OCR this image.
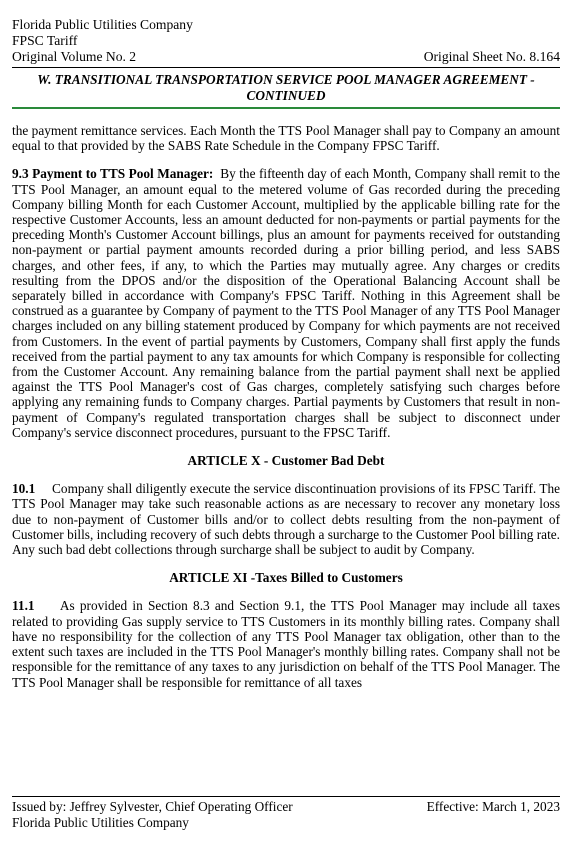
Florida Public Utilities Company
FPSC Tariff
Original Volume No. 2	Original Sheet No. 8.164
W. TRANSITIONAL TRANSPORTATION SERVICE POOL MANAGER AGREEMENT -
CONTINUED

the payment remittance services. Each Month the TTS Pool Manager shall pay to Company an amount equal to that provided by the SABS Rate Schedule in the Company FPSC Tariff.

9.3 Payment to TTS Pool Manager: By the fifteenth day of each Month, Company shall remit to the TTS Pool Manager, an amount equal to the metered volume of Gas recorded during the preceding Company billing Month for each Customer Account, multiplied by the applicable billing rate for the respective Customer Accounts, less an amount deducted for non-payments or partial payments for the preceding Month's Customer Account billings, plus an amount for payments received for outstanding non-payment or partial payment amounts recorded during a prior billing period, and less SABS charges, and other fees, if any, to which the Parties may mutually agree. Any charges or credits resulting from the DPOS and/or the disposition of the Operational Balancing Account shall be separately billed in accordance with Company's FPSC Tariff. Nothing in this Agreement shall be construed as a guarantee by Company of payment to the TTS Pool Manager of any TTS Pool Manager charges included on any billing statement produced by Company for which payments are not received from Customers. In the event of partial payments by Customers, Company shall first apply the funds received from the partial payment to any tax amounts for which Company is responsible for collecting from the Customer Account. Any remaining balance from the partial payment shall next be applied against the TTS Pool Manager's cost of Gas charges, completely satisfying such charges before applying any remaining funds to Company charges. Partial payments by Customers that result in non-payment of Company's regulated transportation charges shall be subject to disconnect under Company's service disconnect procedures, pursuant to the FPSC Tariff.

ARTICLE X - Customer Bad Debt

10.1 Company shall diligently execute the service discontinuation provisions of its FPSC Tariff. The TTS Pool Manager may take such reasonable actions as are necessary to recover any monetary loss due to non-payment of Customer bills and/or to collect debts resulting from the non-payment of Customer bills, including recovery of such debts through a surcharge to the Customer Pool billing rate. Any such bad debt collections through surcharge shall be subject to audit by Company.

ARTICLE XI -Taxes Billed to Customers

11.1 As provided in Section 8.3 and Section 9.1, the TTS Pool Manager may include all taxes related to providing Gas supply service to TTS Customers in its monthly billing rates. Company shall have no responsibility for the collection of any TTS Pool Manager tax obligation, other than to the extent such taxes are included in the TTS Pool Manager's monthly billing rates. Company shall not be responsible for the remittance of any taxes to any jurisdiction on behalf of the TTS Pool Manager. The TTS Pool Manager shall be responsible for remittance of all taxes

Issued by: Jeffrey Sylvester, Chief Operating Officer	Effective: March 1, 2023
Florida Public Utilities Company
